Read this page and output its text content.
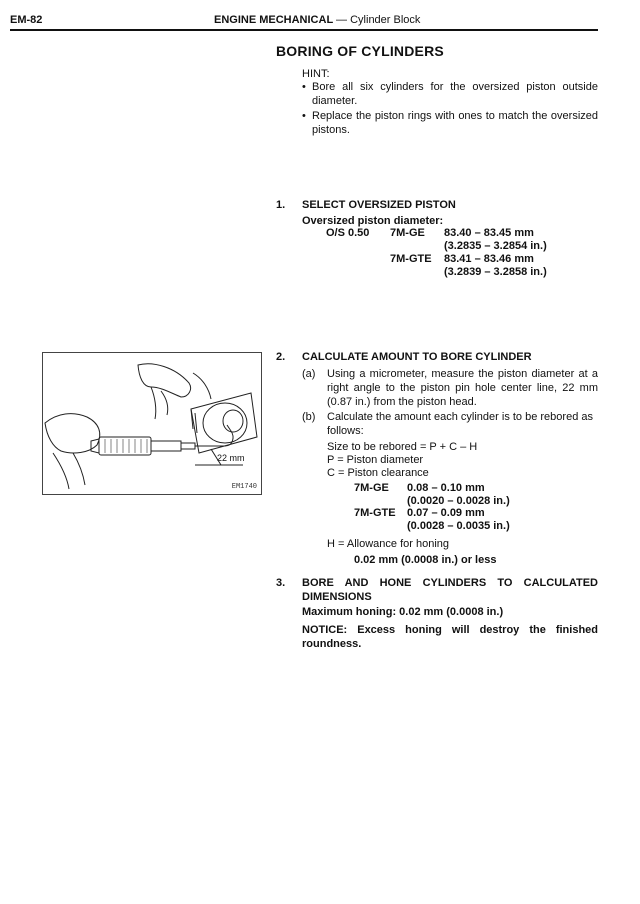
EM-82	ENGINE MECHANICAL — Cylinder Block
BORING OF CYLINDERS
HINT:
• Bore all six cylinders for the oversized piston outside diameter.
• Replace the piston rings with ones to match the oversized pistons.
1. SELECT OVERSIZED PISTON
Oversized piston diameter:
O/S 0.50 7M-GE 83.40 – 83.45 mm
(3.2835 – 3.2854 in.)
7M-GTE 83.41 – 83.46 mm
(3.2839 – 3.2858 in.)
22 mm
EM1740
2. CALCULATE AMOUNT TO BORE CYLINDER
(a) Using a micrometer, measure the piston diameter at a right angle to the piston pin hole center line, 22 mm (0.87 in.) from the piston head.
(b) Calculate the amount each cylinder is to be rebored as follows:
Size to be rebored = P + C – H
P = Piston diameter
C = Piston clearance
7M-GE 0.08 – 0.10 mm
(0.0020 – 0.0028 in.)
7M-GTE 0.07 – 0.09 mm
(0.0028 – 0.0035 in.)
H = Allowance for honing
0.02 mm (0.0008 in.) or less
3. BORE AND HONE CYLINDERS TO CALCULATED DIMENSIONS
Maximum honing: 0.02 mm (0.0008 in.)
NOTICE: Excess honing will destroy the finished roundness.
